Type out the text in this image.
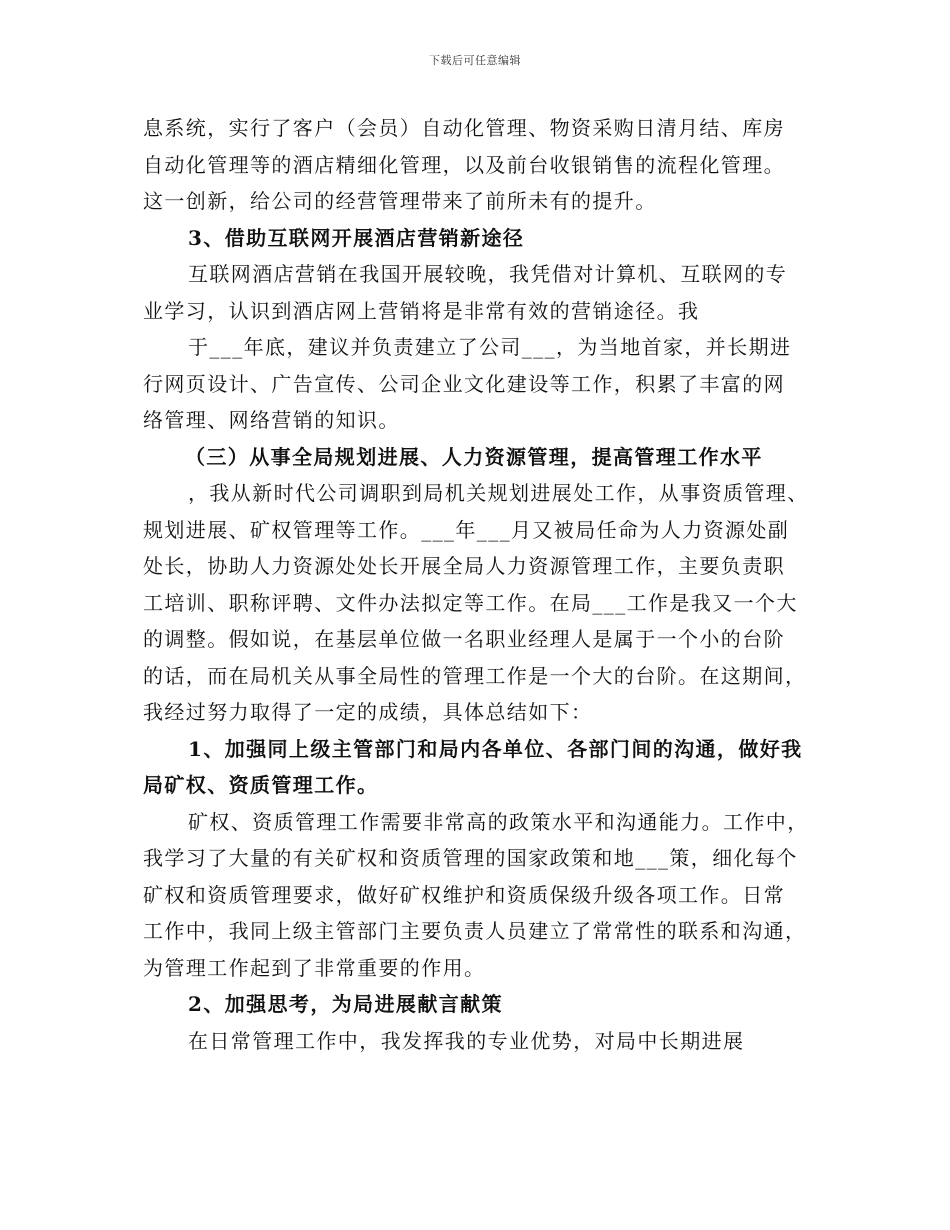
下载后可任意编辑

息系统，实行了客户（会员）自动化管理、物资采购日清月结、库房

自动化管理等的酒店精细化管理，以及前台收银销售的流程化管理。

这一创新，给公司的经营管理带来了前所未有的提升。

3、借助互联网开展酒店营销新途径

互联网酒店营销在我国开展较晚，我凭借对计算机、互联网的专

业学习，认识到酒店网上营销将是非常有效的营销途径。我

于___年底，建议并负责建立了公司___，为当地首家，并长期进

行网页设计、广告宣传、公司企业文化建设等工作，积累了丰富的网

络管理、网络营销的知识。

（三）从事全局规划进展、人力资源管理，提高管理工作水平

，我从新时代公司调职到局机关规划进展处工作，从事资质管理、

规划进展、矿权管理等工作。___年___月又被局任命为人力资源处副

处长，协助人力资源处处长开展全局人力资源管理工作，主要负责职

工培训、职称评聘、文件办法拟定等工作。在局___工作是我又一个大

的调整。假如说，在基层单位做一名职业经理人是属于一个小的台阶

的话，而在局机关从事全局性的管理工作是一个大的台阶。在这期间，

我经过努力取得了一定的成绩，具体总结如下：

1、加强同上级主管部门和局内各单位、各部门间的沟通，做好我

局矿权、资质管理工作。

矿权、资质管理工作需要非常高的政策水平和沟通能力。工作中，

我学习了大量的有关矿权和资质管理的国家政策和地___策，细化每个

矿权和资质管理要求，做好矿权维护和资质保级升级各项工作。日常

工作中，我同上级主管部门主要负责人员建立了常常性的联系和沟通，

为管理工作起到了非常重要的作用。

2、加强思考，为局进展献言献策

在日常管理工作中，我发挥我的专业优势，对局中长期进展
